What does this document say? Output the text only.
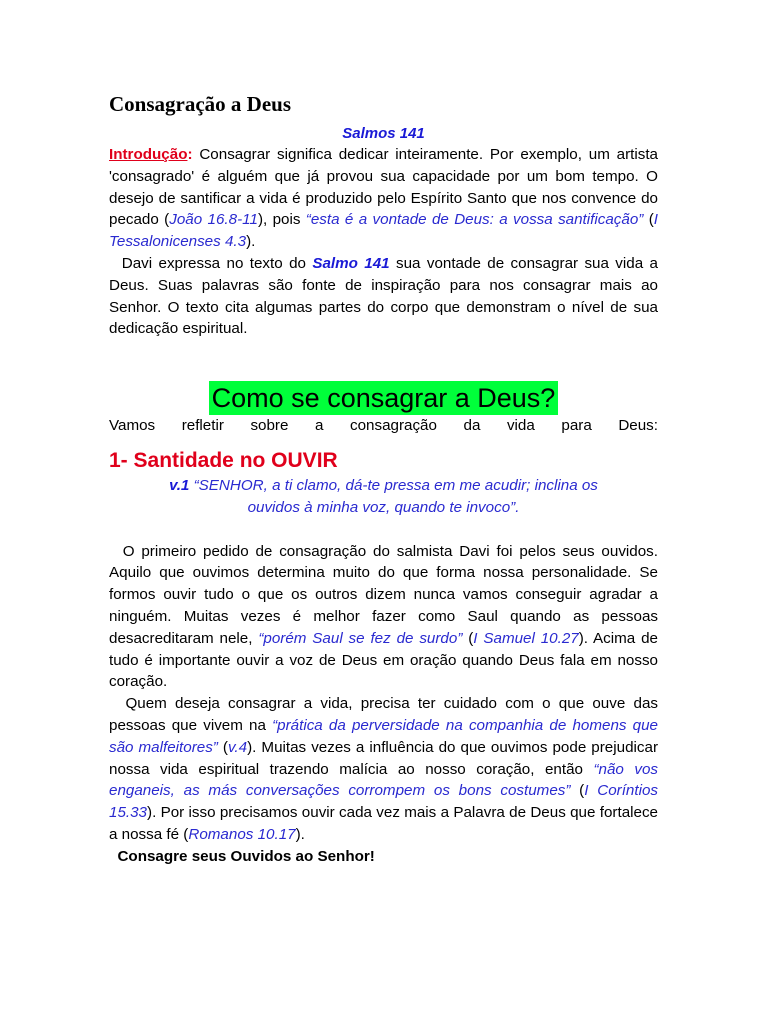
Consagração a Deus
Salmos 141

Introdução: Consagrar significa dedicar inteiramente. Por exemplo, um artista 'consagrado' é alguém que já provou sua capacidade por um bom tempo. O desejo de santificar a vida é produzido pelo Espírito Santo que nos convence do pecado (João 16.8-11), pois “esta é a vontade de Deus: a vossa santificação” (I Tessalonicenses 4.3).

Davi expressa no texto do Salmo 141 sua vontade de consagrar sua vida a Deus. Suas palavras são fonte de inspiração para nos consagrar mais ao Senhor. O texto cita algumas partes do corpo que demonstram o nível de sua dedicação espiritual.

Como se consagrar a Deus?

Vamos refletir sobre a consagração da vida para Deus:

1- Santidade no OUVIR
v.1 “SENHOR, a ti clamo, dá-te pressa em me acudir; inclina os
ouvidos à minha voz, quando te invoco”.

O primeiro pedido de consagração do salmista Davi foi pelos seus ouvidos. Aquilo que ouvimos determina muito do que forma nossa personalidade. Se formos ouvir tudo o que os outros dizem nunca vamos conseguir agradar a ninguém. Muitas vezes é melhor fazer como Saul quando as pessoas desacreditaram nele, “porém Saul se fez de surdo” (I Samuel 10.27). Acima de tudo é importante ouvir a voz de Deus em oração quando Deus fala em nosso coração.

Quem deseja consagrar a vida, precisa ter cuidado com o que ouve das pessoas que vivem na “prática da perversidade na companhia de homens que são malfeitores” (v.4). Muitas vezes a influência do que ouvimos pode prejudicar nossa vida espiritual trazendo malícia ao nosso coração, então “não vos enganeis, as más conversações corrompem os bons costumes” (I Coríntios 15.33). Por isso precisamos ouvir cada vez mais a Palavra de Deus que fortalece a nossa fé (Romanos 10.17).

Consagre seus Ouvidos ao Senhor!
